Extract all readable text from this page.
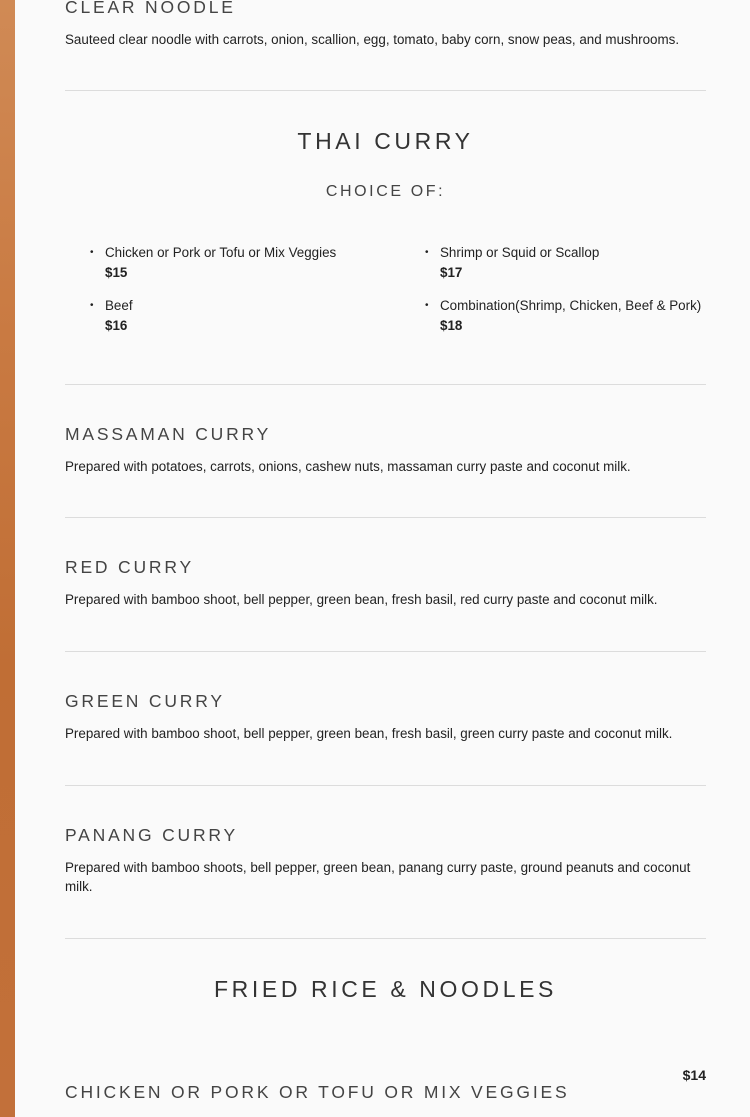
CLEAR NOODLE

Sauteed clear noodle with carrots, onion, scallion, egg, tomato, baby corn, snow peas, and mushrooms.

THAI CURRY
CHOICE OF:
• Chicken or Pork or Tofu or Mix Veggies
$15
• Shrimp or Squid or Scallop
$17
• Beef
$16
• Combination(Shrimp, Chicken, Beef & Pork)
$18
MASSAMAN CURRY

Prepared with potatoes, carrots, onions, cashew nuts, massaman curry paste and coconut milk.

RED CURRY

Prepared with bamboo shoot, bell pepper, green bean, fresh basil, red curry paste and coconut milk.

GREEN CURRY

Prepared with bamboo shoot, bell pepper, green bean, fresh basil, green curry paste and coconut milk.

PANANG CURRY

Prepared with bamboo shoots, bell pepper, green bean, panang curry paste, ground peanuts and coconut milk.

FRIED RICE & NOODLES
$14
CHICKEN OR PORK OR TOFU OR MIX VEGGIES
